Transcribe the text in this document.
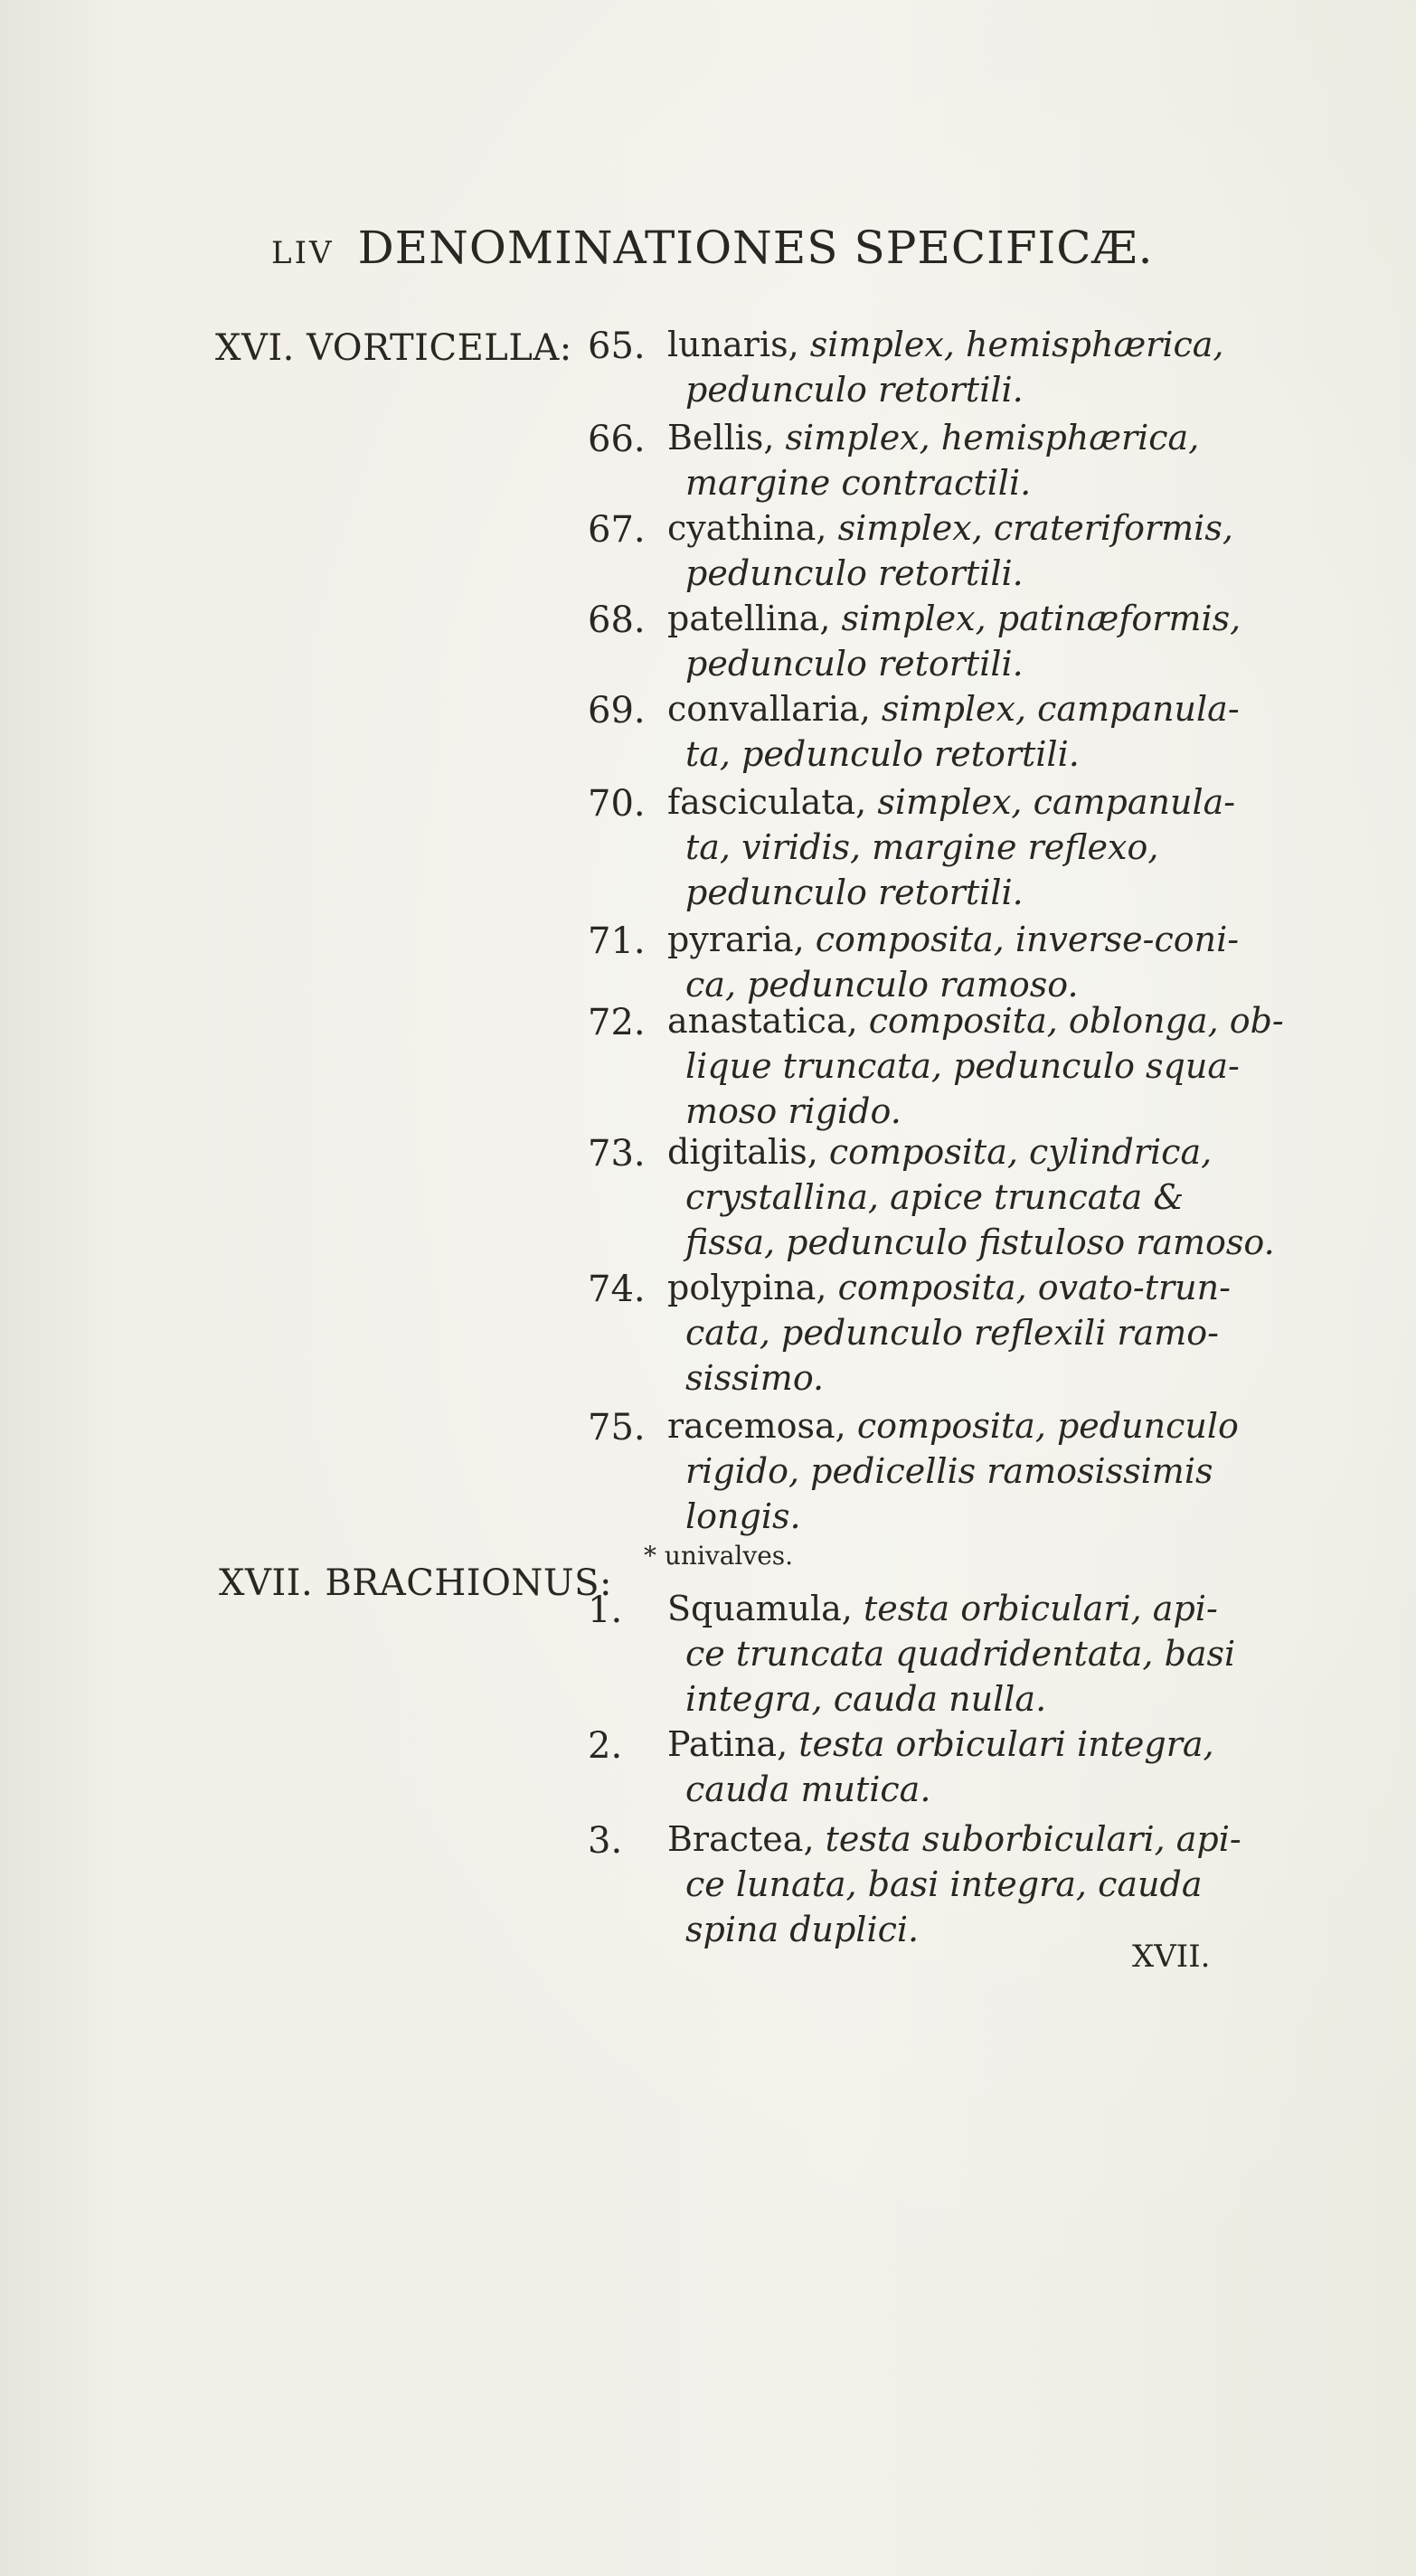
LIV DENOMINATIONES SPECIFICÆ.
XVI. VORTICELLA:
XVII. BRACHIONUS:
* univalves.
65. lunaris, simplex, hemisphærica,
pedunculo retortili.
66. Bellis, simplex, hemisphærica,
margine contractili.
67. cyathina, simplex, crateriformis,
pedunculo retortili.
68. patellina, simplex, patinæformis,
pedunculo retortili.
69. convallaria, simplex, campanula-
ta, pedunculo retortili.
70. fasciculata, simplex, campanula-
ta, viridis, margine reflexo,
pedunculo retortili.
71. pyraria, composita, inverse-coni-
ca, pedunculo ramoso.
72. anastatica, composita, oblonga, ob-
lique truncata, pedunculo squa-
moso rigido.
73. digitalis, composita, cylindrica,
crystallina, apice truncata &
fissa, pedunculo fistuloso ramoso.
74. polypina, composita, ovato-trun-
cata, pedunculo reflexili ramo-
sissimo.
75. racemosa, composita, pedunculo
rigido, pedicellis ramosissimis
longis.
1.	Squamula, testa orbiculari, api-
ce truncata quadridentata, basi
integra, cauda nulla.
2.	Patina, testa orbiculari integra,
cauda mutica.
3.	Bractea, testa suborbiculari, api-
ce lunata, basi integra, cauda
spina duplici.
XVII.
